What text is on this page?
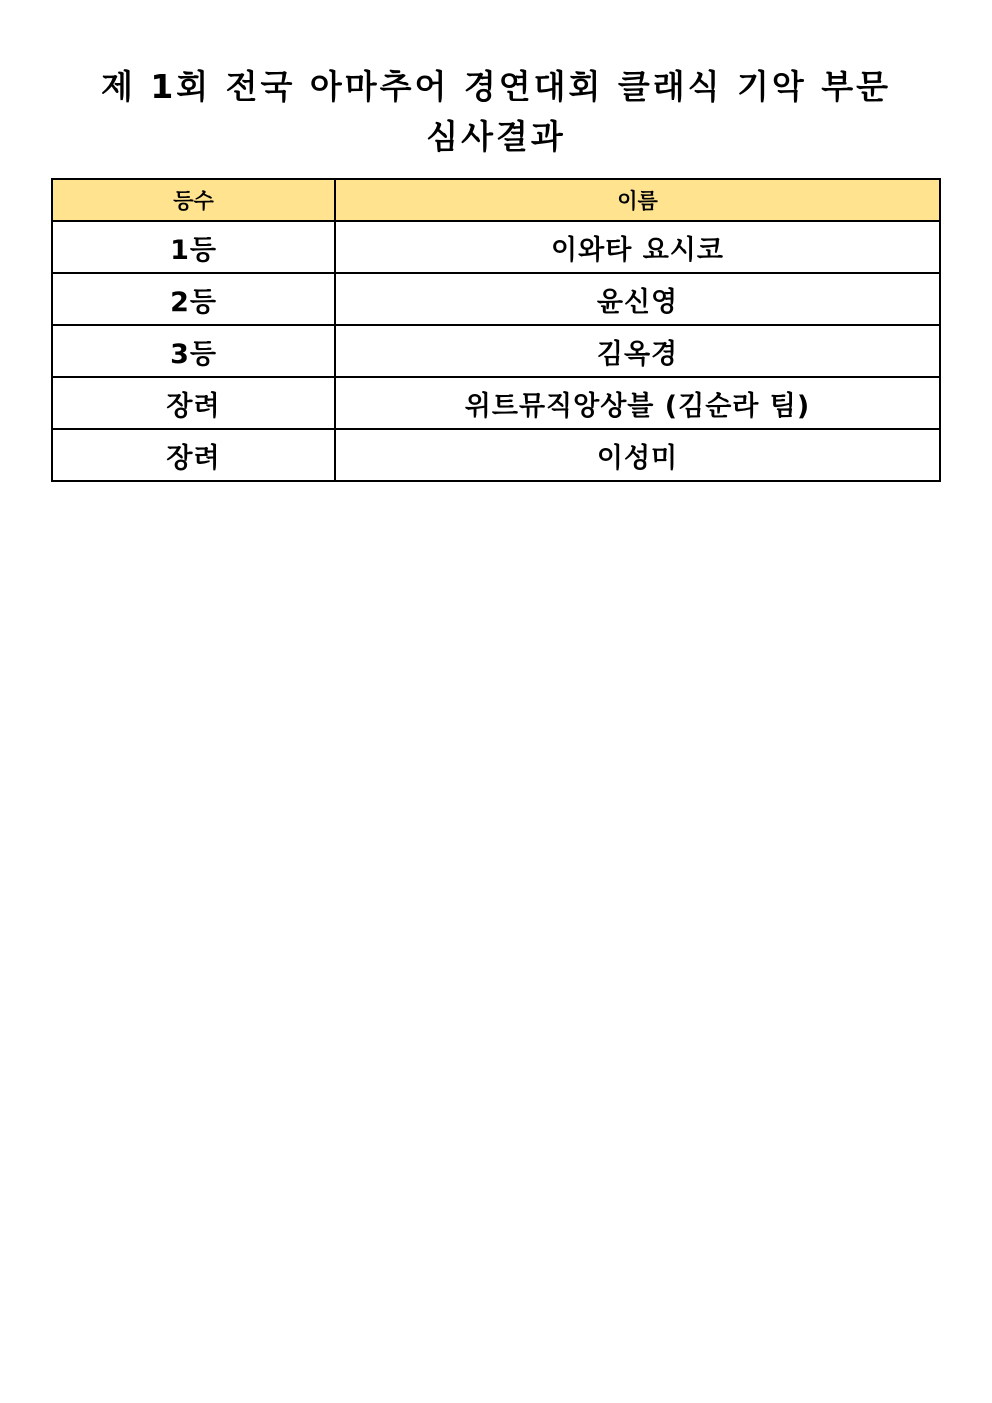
제 1회 전국 아마추어 경연대회 클래식 기악 부문
심사결과
등수	이름
1등	이와타 요시코
2등	윤신영
3등	김옥경
장려	위트뮤직앙상블 (김순라 팀)
장려	이성미
